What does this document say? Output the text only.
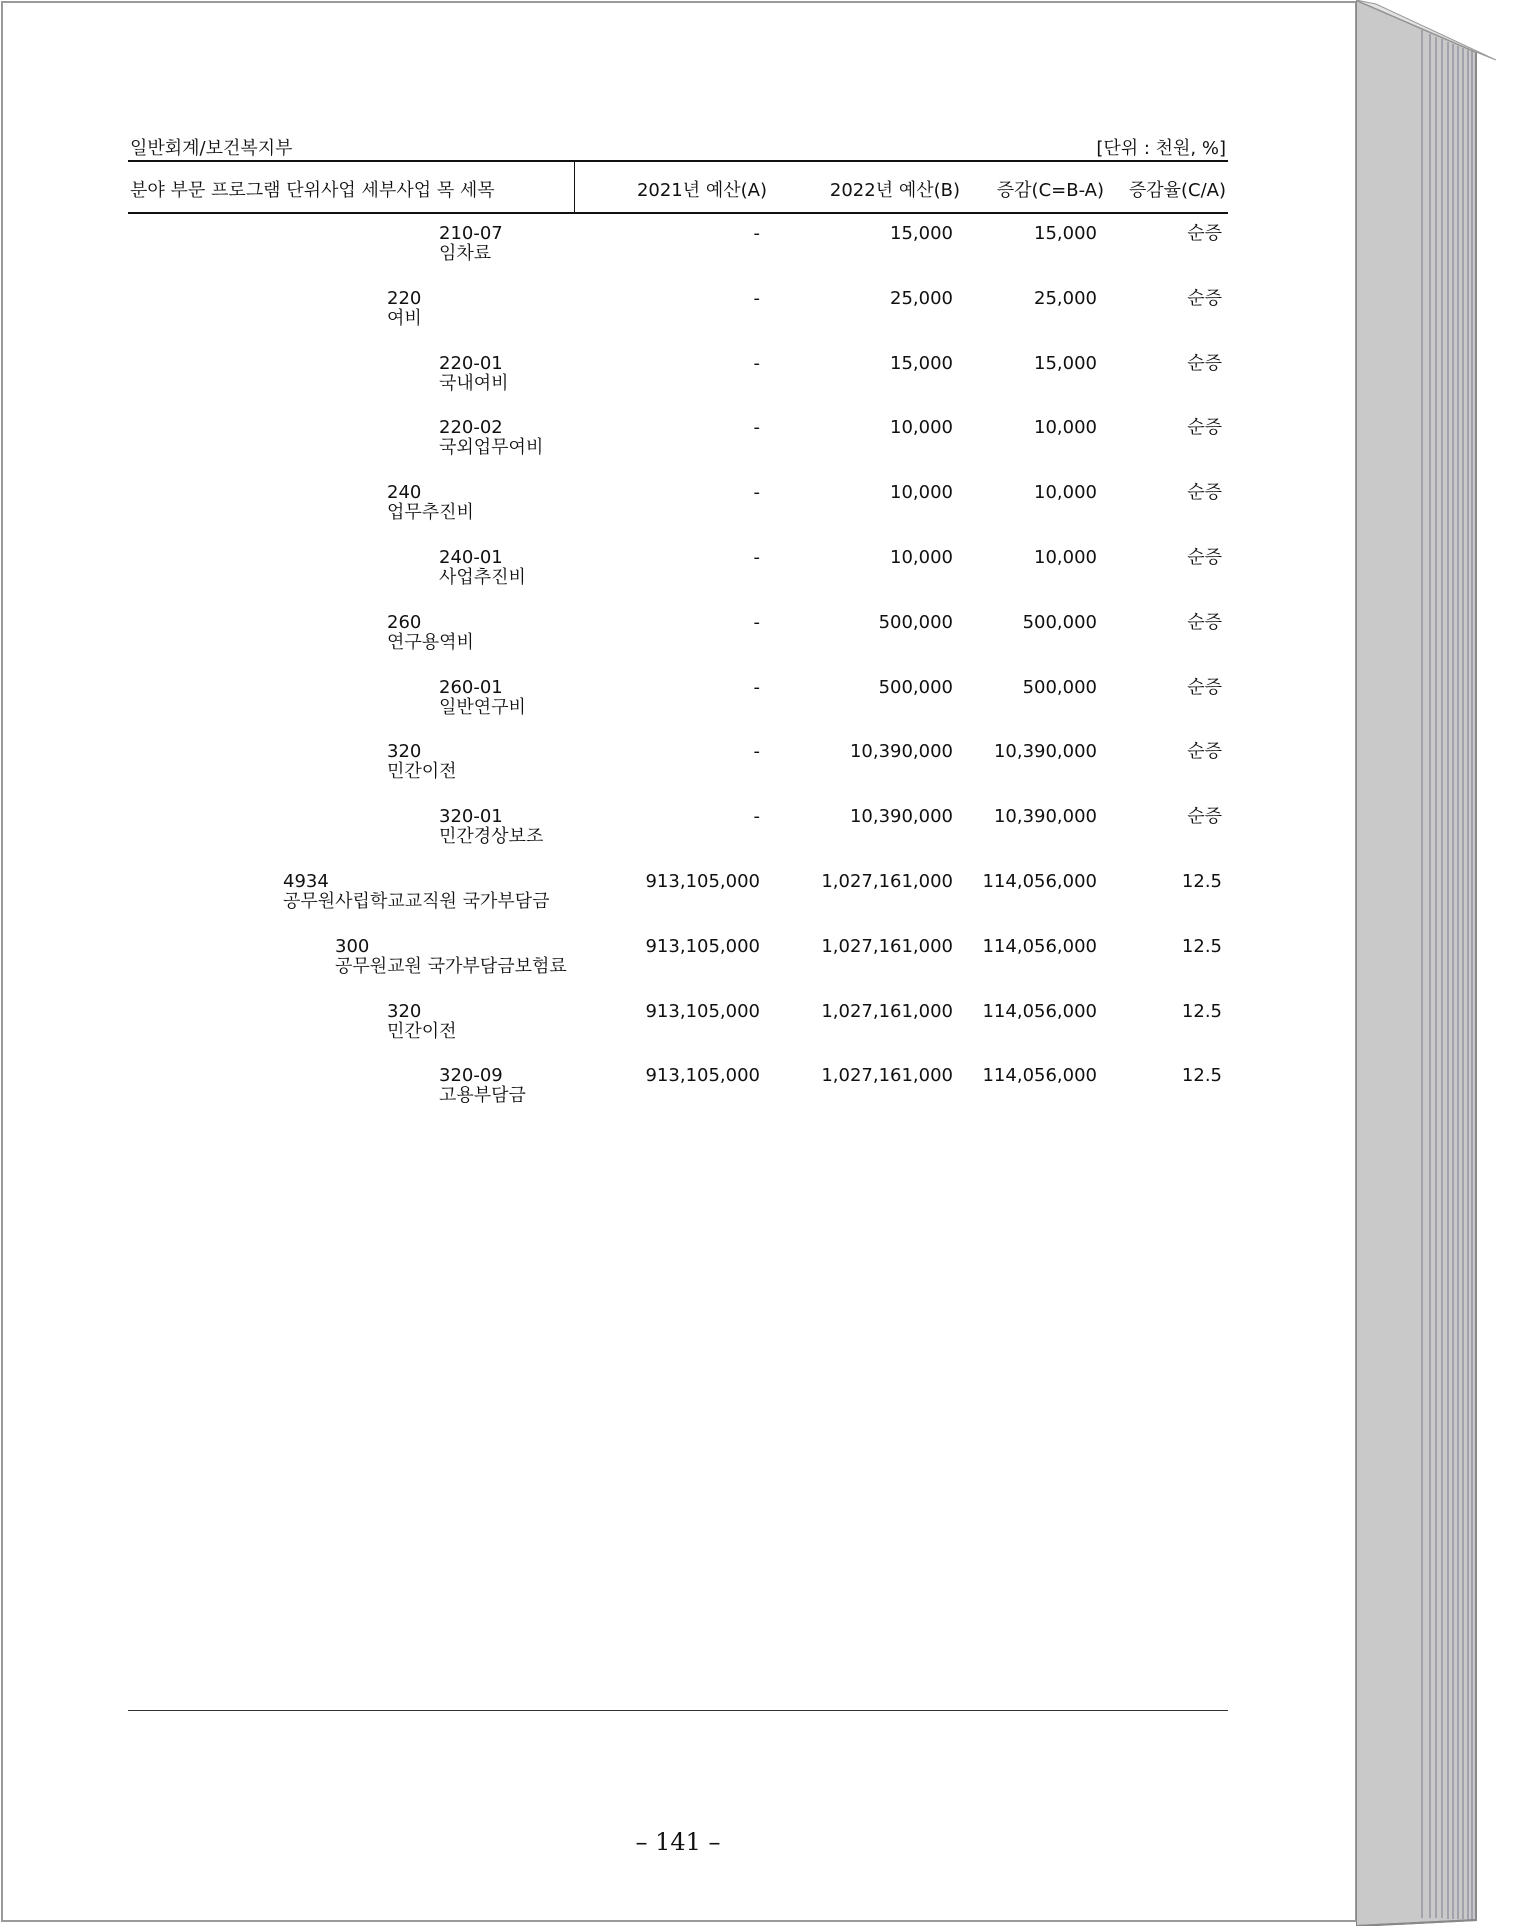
일반회계/보건복지부	[단위 : 천원, %]
분야 부문 프로그램 단위사업 세부사업 목 세목	2021년 예산(A)	2022년 예산(B) 증감(C=B-A) 증감율(C/A)
210-07
임차료
-	15,000	15,000	순증
220
여비
-	25,000	25,000	순증
220-01
국내여비
-	15,000	15,000	순증
220-02
국외업무여비
-	10,000	10,000	순증
240
업무추진비
-	10,000	10,000	순증
240-01
사업추진비
-	10,000	10,000	순증
260
연구용역비
-	500,000	500,000	순증
260-01
일반연구비
-	500,000	500,000	순증
320
민간이전
-	10,390,000 10,390,000	순증
320-01
민간경상보조
-	10,390,000 10,390,000	순증
4934
공무원사립학교교직원 국가부담금
913,105,000	1,027,161,000 114,056,000	12.5
300
공무원교원 국가부담금보험료
913,105,000	1,027,161,000 114,056,000	12.5
320
민간이전
913,105,000	1,027,161,000 114,056,000	12.5
320-09
고용부담금
913,105,000	1,027,161,000 114,056,000	12.5
– 141 –
